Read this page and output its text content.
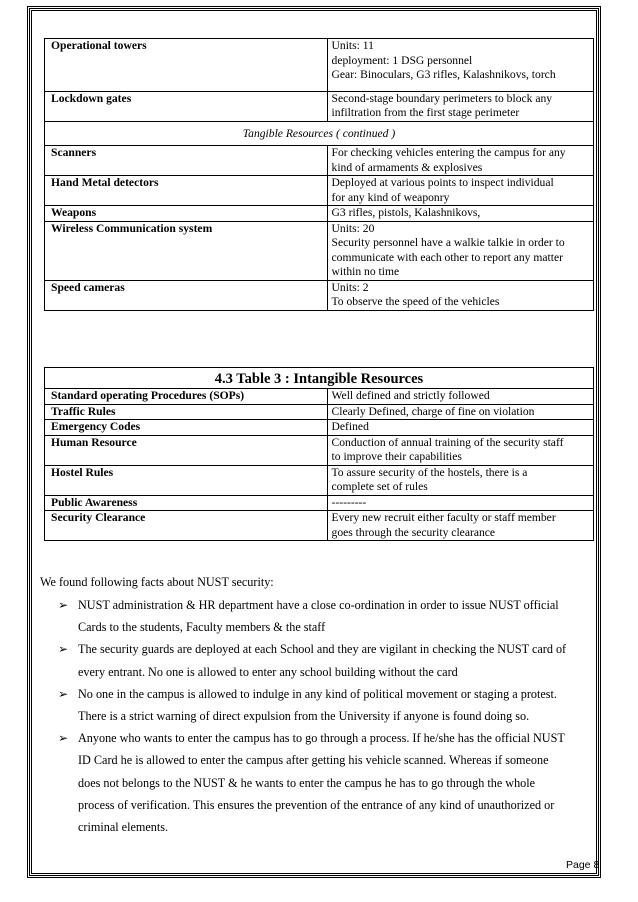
Operational towers	Units: 11
deployment: 1 DSG personnel
Gear: Binoculars, G3 rifles, Kalashnikovs, torch

Lockdown gates	Second-stage boundary perimeters to block any
infiltration from the first stage perimeter

Tangible Resources ( continued )	
Scanners	For checking vehicles entering the campus for any
kind of armaments & explosives

Hand Metal detectors	Deployed at various points to inspect individual
for any kind of weaponry

Weapons	G3 rifles, pistols, Kalashnikovs,

Wireless Communication system	Units: 20
Security personnel have a walkie talkie in order to
communicate with each other to report any matter
within no time

Speed cameras	Units: 2
To observe the speed of the vehicles
4.3 Table 3 : Intangible Resources	
Standard operating Procedures (SOPs)	Well defined and strictly followed

Traffic Rules	Clearly Defined, charge of fine on violation

Emergency Codes	Defined

Human Resource	Conduction of annual training of the security staff
to improve their capabilities

Hostel Rules	To assure security of the hostels, there is a
complete set of rules

Public Awareness	---------

Security Clearance	Every new recruit either faculty or staff member
goes through the security clearance

We found following facts about NUST security:

➢ NUST administration & HR department have a close co-ordination in order to issue NUST official
Cards to the students, Faculty members & the staff
➢ The security guards are deployed at each School and they are vigilant in checking the NUST card of
every entrant. No one is allowed to enter any school building without the card
➢ No one in the campus is allowed to indulge in any kind of political movement or staging a protest.
There is a strict warning of direct expulsion from the University if anyone is found doing so.
➢ Anyone who wants to enter the campus has to go through a process. If he/she has the official NUST
ID Card he is allowed to enter the campus after getting his vehicle scanned. Whereas if someone
does not belongs to the NUST & he wants to enter the campus he has to go through the whole
process of verification. This ensures the prevention of the entrance of any kind of unauthorized or
criminal elements.
Page 8
